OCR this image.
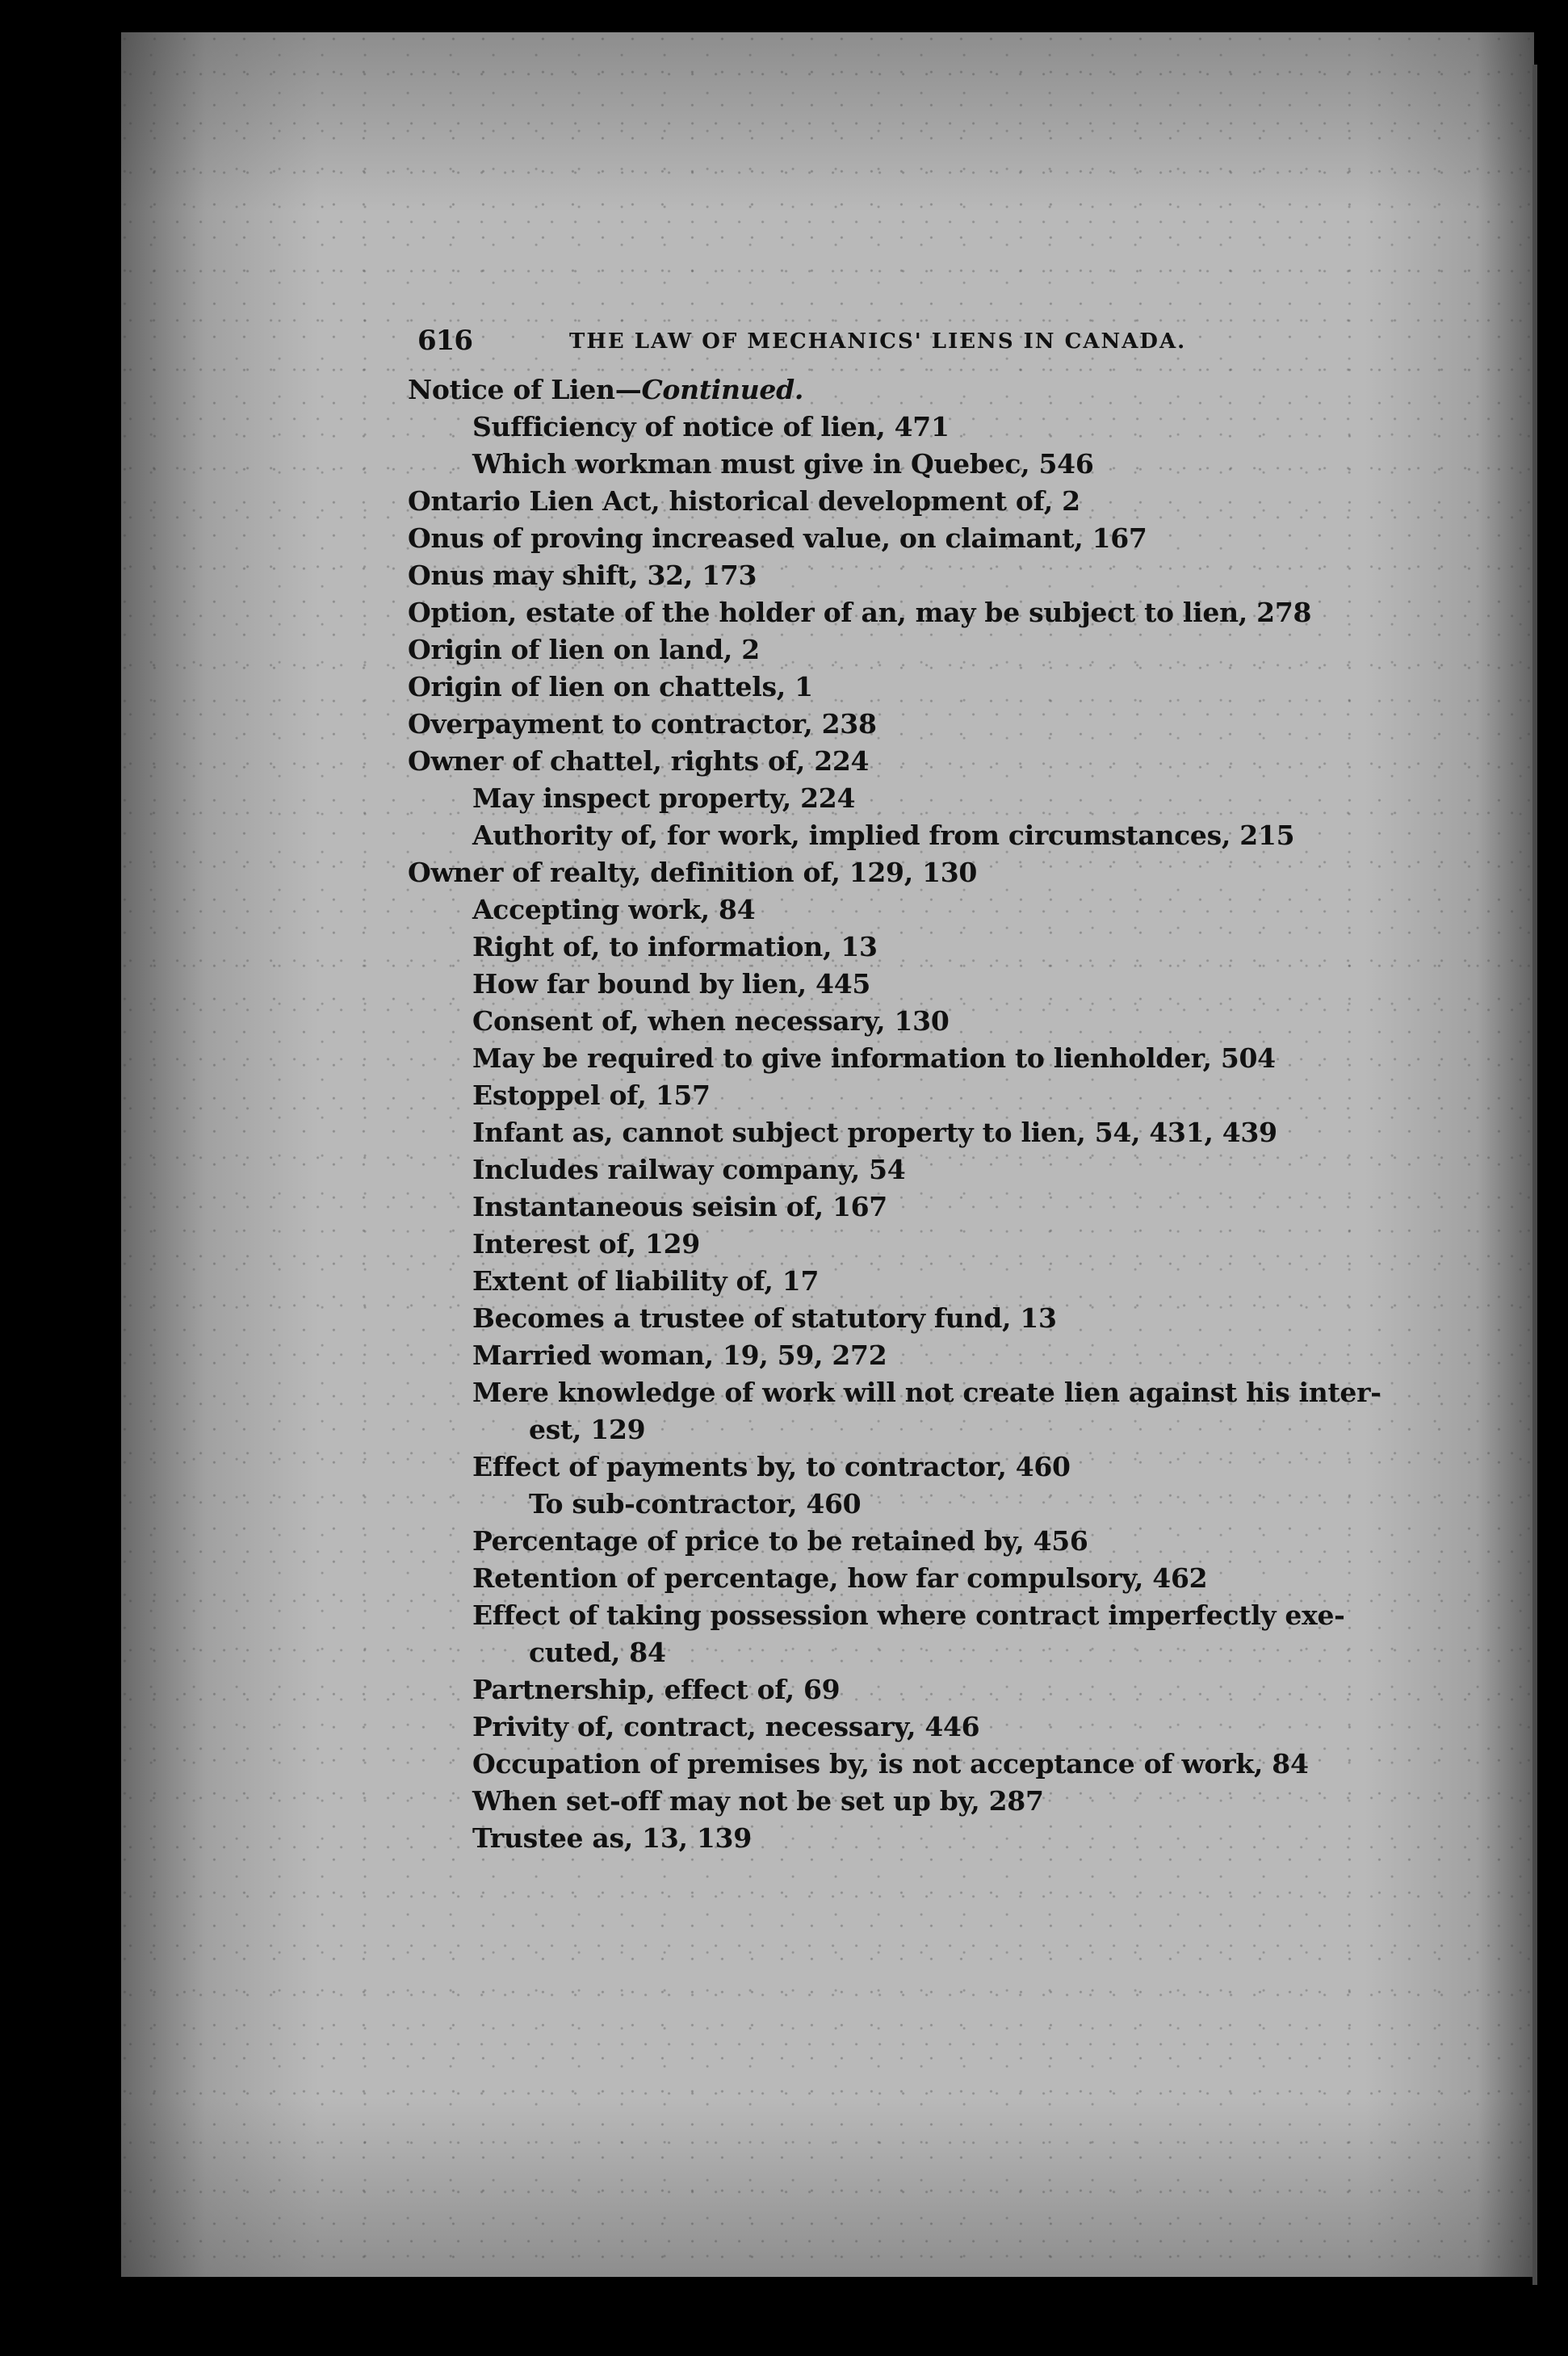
616	THE LAW OF MECHANICS' LIENS IN CANADA.
Notice of Lien—Continued.
Sufficiency of notice of lien, 471
Which workman must give in Quebec, 546
Ontario Lien Act, historical development of, 2
Onus of proving increased value, on claimant, 167
Onus may shift, 32, 173
Option, estate of the holder of an, may be subject to lien, 278
Origin of lien on land, 2
Origin of lien on chattels, 1
Overpayment to contractor, 238
Owner of chattel, rights of, 224
May inspect property, 224
Authority of, for work, implied from circumstances, 215
Owner of realty, definition of, 129, 130
Accepting work, 84
Right of, to information, 13
How far bound by lien, 445
Consent of, when necessary, 130
May be required to give information to lienholder, 504
Estoppel of, 157
Infant as, cannot subject property to lien, 54, 431, 439
Includes railway company, 54
Instantaneous seisin of, 167
Interest of, 129
Extent of liability of, 17
Becomes a trustee of statutory fund, 13
Married woman, 19, 59, 272
Mere knowledge of work will not create lien against his inter-
est, 129
Effect of payments by, to contractor, 460
To sub-contractor, 460
Percentage of price to be retained by, 456
Retention of percentage, how far compulsory, 462
Effect of taking possession where contract imperfectly exe-
cuted, 84
Partnership, effect of, 69
Privity of, contract, necessary, 446
Occupation of premises by, is not acceptance of work, 84
When set-off may not be set up by, 287
Trustee as, 13, 139
